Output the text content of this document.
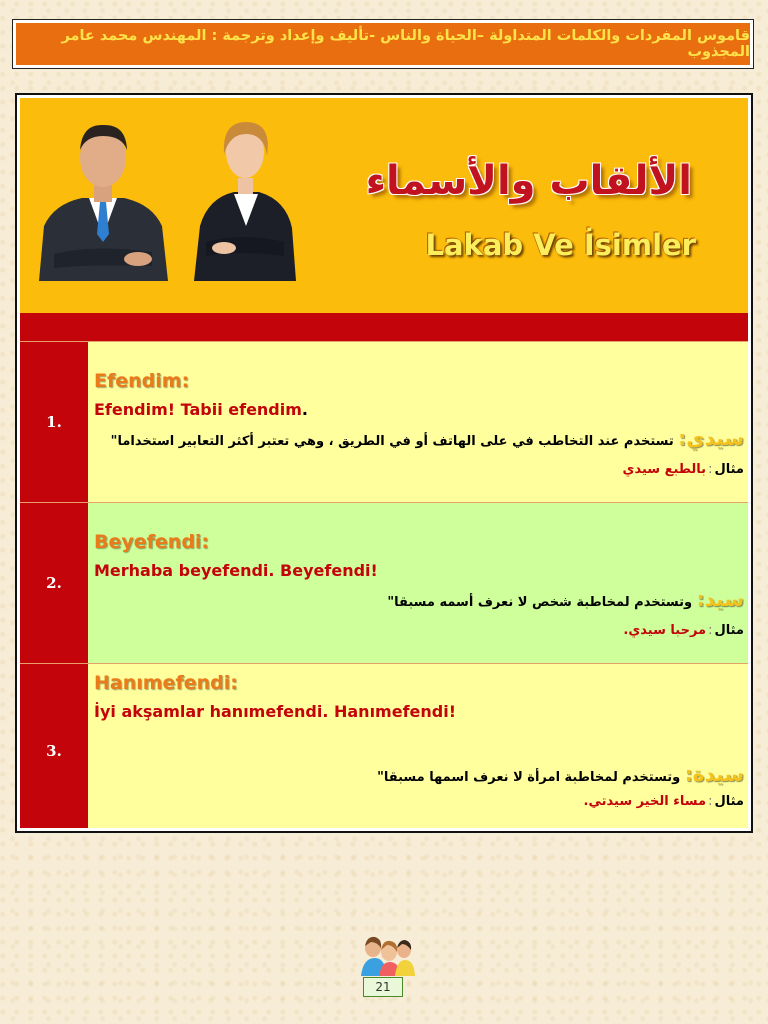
قاموس المفردات والكلمات المتداولة –الحياة والناس -تأليف وإعداد وترجمة : المهندس محمد عامر المجذوب
الألقاب والأسماء
Lakab Ve İsimler
1.
Efendim:
Efendim! Tabii efendim.
سيدي: تستخدم عند التخاطب في على الهاتف أو في الطريق ، وهي تعتبر أكثر التعابير استخداما"
مثال:بالطبع سيدي
2.
Beyefendi:
Merhaba beyefendi. Beyefendi!
سيد: وتستخدم لمخاطبة شخص لا نعرف أسمه مسبقا"
مثال:مرحبا سيدي.
3.
Hanımefendi:
İyi akşamlar hanımefendi. Hanımefendi!
سيدة: وتستخدم لمخاطبة امرأة لا نعرف اسمها مسبقا"
مثال:مساء الخير سيدتي.
21
